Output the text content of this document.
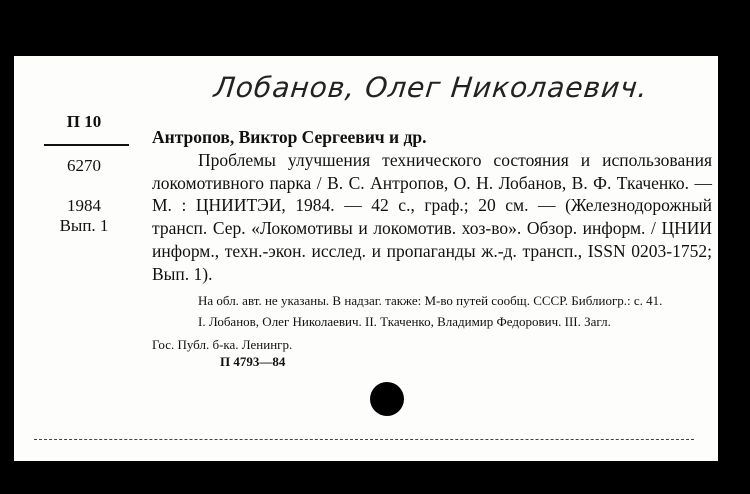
Лобанов, Олег Николаевич.
П 10
6270
1984
Вып. 1
Антропов, Виктор Сергеевич и др.
Проблемы улучшения технического состояния и использования локомотивного парка / В. С. Антропов, О. Н. Лобанов, В. Ф. Ткаченко. — М. : ЦНИИТЭИ, 1984. — 42 с., граф.; 20 см. — (Железнодорожный трансп. Сер. «Локомотивы и локомотив. хоз-во». Обзор. информ. / ЦНИИ информ., техн.-экон. исслед. и пропаганды ж.-д. трансп., ISSN 0203-1752; Вып. 1).
На обл. авт. не указаны. В надзаг. также: М-во путей сообщ. СССР. Библиогр.: с. 41.
I. Лобанов, Олег Николаевич. II. Ткаченко, Владимир Федорович. III. Загл.
Гос. Публ. б-ка. Ленингр.
П 4793—84
